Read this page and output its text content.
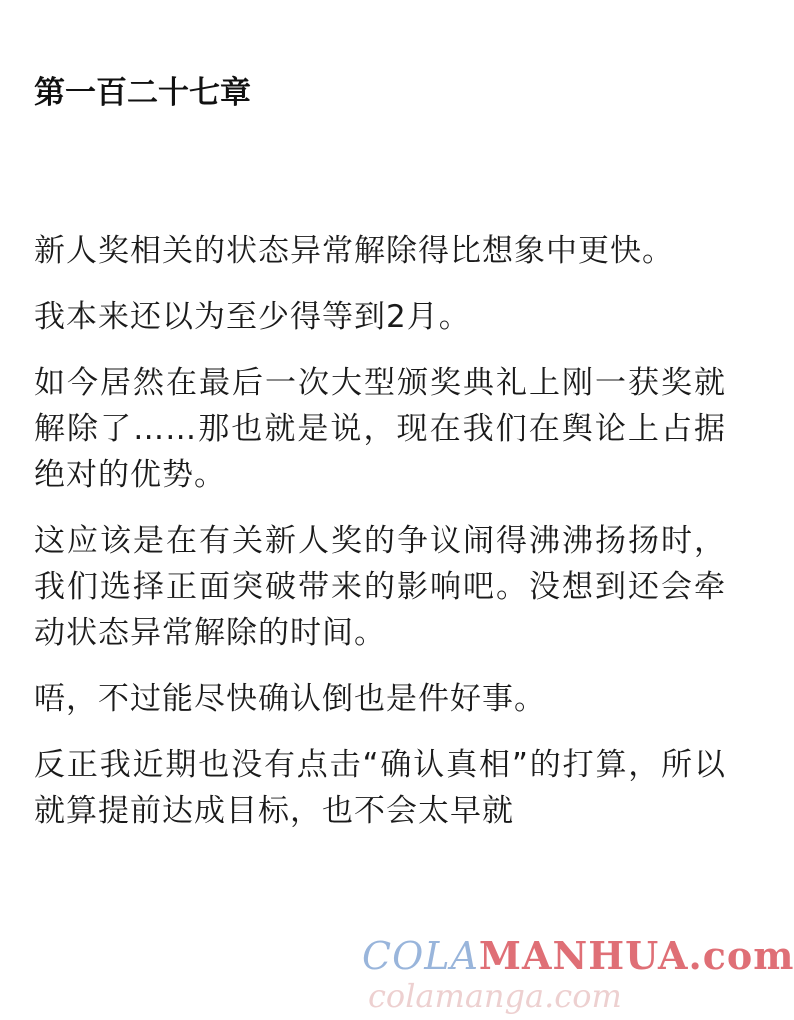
第一百二十七章

新人奖相关的状态异常解除得比想象中更快。

我本来还以为至少得等到2月。

如今居然在最后一次大型颁奖典礼上刚一获奖就解除了……那也就是说，现在我们在舆论上占据绝对的优势。

这应该是在有关新人奖的争议闹得沸沸扬扬时，我们选择正面突破带来的影响吧。没想到还会牵动状态异常解除的时间。

唔，不过能尽快确认倒也是件好事。

反正我近期也没有点击“确认真相”的打算，所以就算提前达成目标，也不会太早就

COLAMANHUA.com
colamanga.com
